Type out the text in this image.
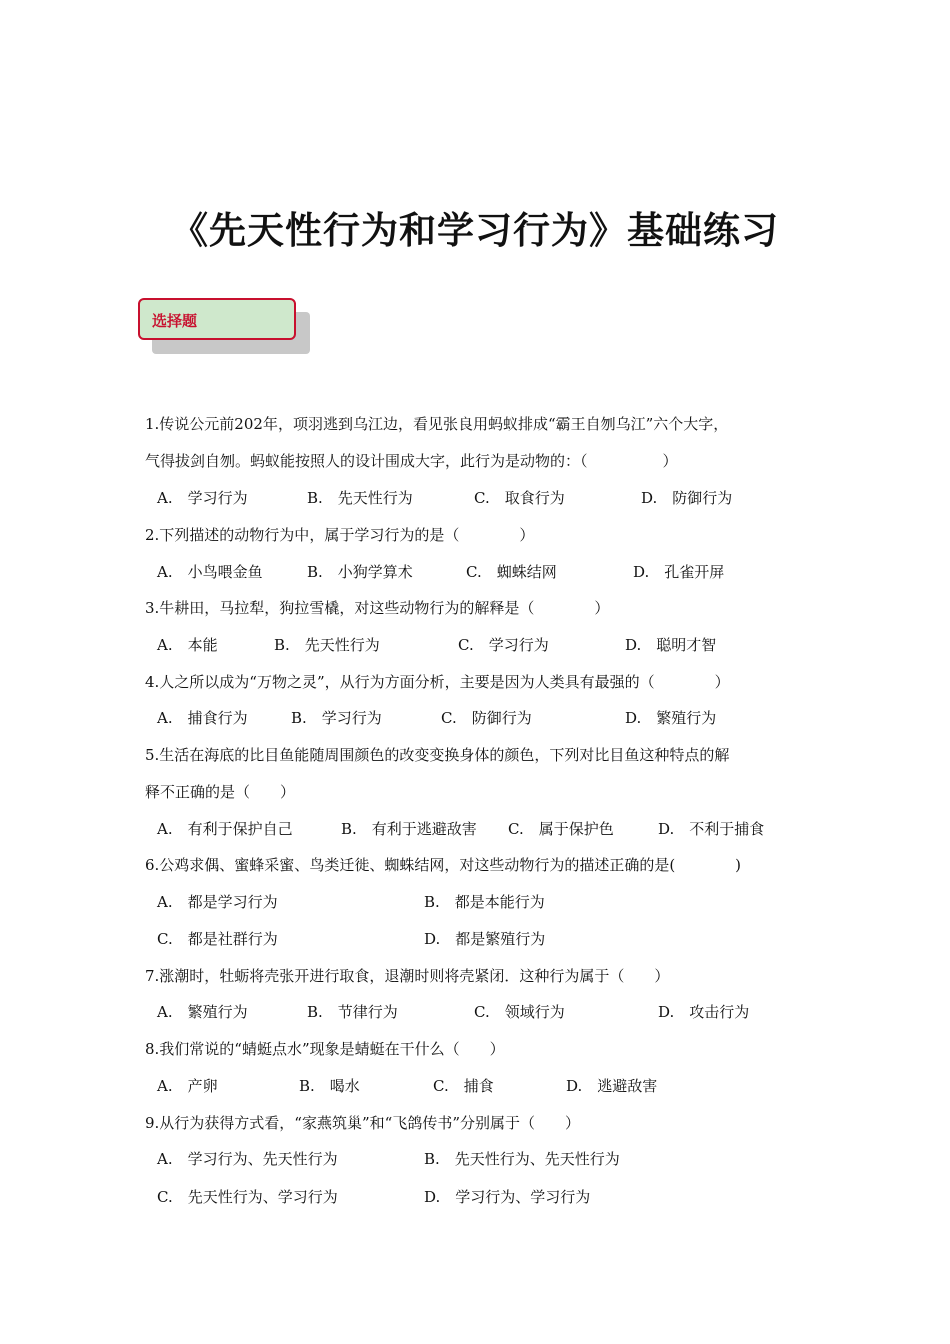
《先天性行为和学习行为》基础练习
选择题
1.传说公元前202年，项羽逃到乌江边，看见张良用蚂蚁排成“霸王自刎乌江”六个大字，
气得拔剑自刎。蚂蚁能按照人的设计围成大字，此行为是动物的：（　　　　　）
A.　学习行为	B.　先天性行为	C.　取食行为	D.　防御行为
2.下列描述的动物行为中，属于学习行为的是（　　　　）
A.　小鸟喂金鱼	B.　小狗学算术	C.　蜘蛛结网	D.　孔雀开屏
3.牛耕田，马拉犁，狗拉雪橇，对这些动物行为的解释是（　　　　）
A.　本能	B.　先天性行为	C.　学习行为	D.　聪明才智
4.人之所以成为“万物之灵”，从行为方面分析，主要是因为人类具有最强的（　　　　）
A.　捕食行为	B.　学习行为	C.　防御行为	D.　繁殖行为
5.生活在海底的比目鱼能随周围颜色的改变变换身体的颜色，下列对比目鱼这种特点的解
释不正确的是（　　）
A.　有利于保护自己	B.　有利于逃避敌害 C.　属于保护色	D.　不利于捕食
6.公鸡求偶、蜜蜂采蜜、鸟类迁徙、蜘蛛结网，对这些动物行为的描述正确的是(　　　　)
A.　都是学习行为	B.　都是本能行为
C.　都是社群行为	D.　都是繁殖行为
7.涨潮时，牡蛎将壳张开进行取食，退潮时则将壳紧闭．这种行为属于（　　）
A.　繁殖行为	B.　节律行为	C.　领域行为	D.　攻击行为
8.我们常说的“蜻蜓点水”现象是蜻蜓在干什么（　　）
A.　产卵	B.　喝水	C.　捕食	D.　逃避敌害
9.从行为获得方式看，“家燕筑巢”和“飞鸽传书”分别属于（　　）
A.　学习行为、先天性行为	B.　先天性行为、先天性行为
C.　先天性行为、学习行为	D.　学习行为、学习行为
